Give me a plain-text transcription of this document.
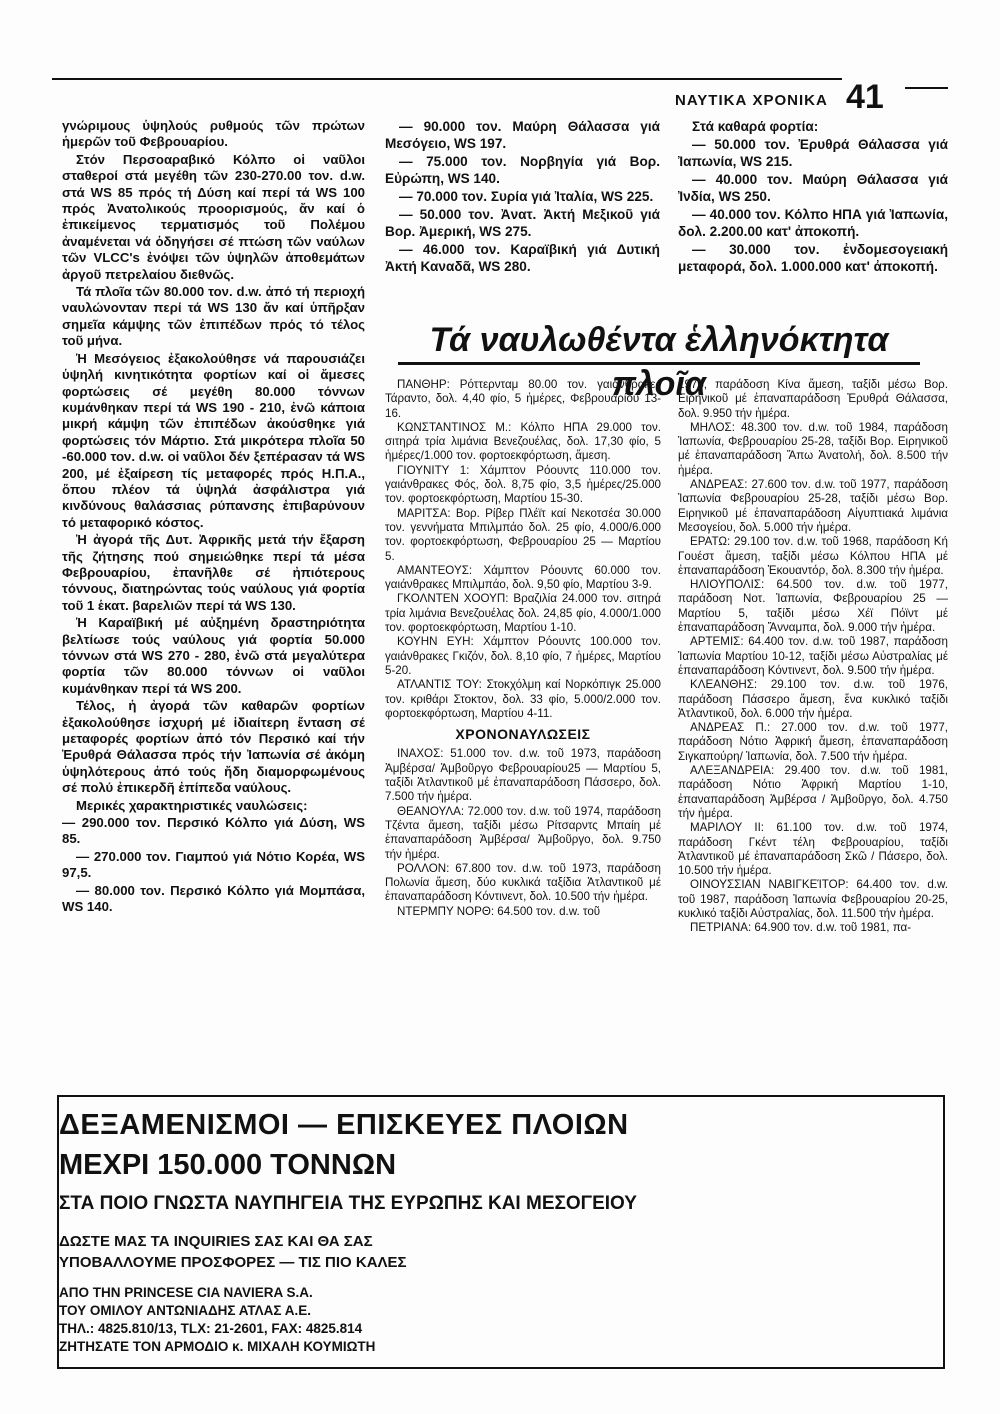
ΝΑΥΤΙΚΑ ΧΡΟΝΙΚΑ 41

γνώριμους ὑψηλούς ρυθμούς τῶν πρώτων ἡμερῶν τοῦ Φεβρουαρίου.

Στόν Περσοαραβικό Κόλπο οἱ ναῦλοι σταθεροί στά μεγέθη τῶν 230-270.00 τον. d.w. στά WS 85 πρός τή Δύση καί περί τά WS 100 πρός Ἀνατολικούς προορισμούς, ἄν καί ὁ ἐπικείμενος τερματισμός τοῦ Πολέμου ἀναμένεται νά ὁδηγήσει σέ πτώση τῶν ναύλων τῶν VLCC's ἐνόψει τῶν ὑψηλῶν ἀποθεμάτων ἀργοῦ πετρελαίου διεθνῶς.

Τά πλοῖα τῶν 80.000 τον. d.w. ἀπό τή περιοχή ναυλώνονταν περί τά WS 130 ἄν καί ὑπῆρξαν σημεῖα κάμψης τῶν ἐπιπέδων πρός τό τέλος τοῦ μήνα.

Ἡ Μεσόγειος ἐξακολούθησε νά παρουσιάζει ὑψηλή κινητικότητα φορτίων καί οἱ ἄμεσες φορτώσεις σέ μεγέθη 80.000 τόννων κυμάνθηκαν περί τά WS 190 - 210, ἐνῶ κάποια μικρή κάμψη τῶν ἐπιπέδων ἀκούσθηκε γιά φορτώσεις τόν Μάρτιο. Στά μικρότερα πλοῖα 50 -60.000 τον. d.w. οἱ ναῦλοι δέν ξεπέρασαν τά WS 200, μέ ἐξαίρεση τίς μεταφορές πρός Η.Π.Α., ὅπου πλέον τά ὑψηλά ἀσφάλιστρα γιά κινδύνους θαλάσσιας ρύπανσης ἐπιβαρύνουν τό μεταφορικό κόστος.

Ἡ ἀγορά τῆς Δυτ. Ἀφρικῆς μετά τήν ἔξαρση τῆς ζήτησης πού σημειώθηκε περί τά μέσα Φεβρουαρίου, ἐπανῆλθε σέ ἠπιότερους τόννους, διατηρώντας τούς ναύλους γιά φορτία τοῦ 1 ἑκατ. βαρελιῶν περί τά WS 130.

Ἡ Καραϊβική μέ αὐξημένη δραστηριότητα βελτίωσε τούς ναύλους γιά φορτία 50.000 τόννων στά WS 270 - 280, ἐνῶ στά μεγαλύτερα φορτία τῶν 80.000 τόννων οἱ ναῦλοι κυμάνθηκαν περί τά WS 200.

Τέλος, ἡ ἀγορά τῶν καθαρῶν φορτίων ἐξακολούθησε ἰσχυρή μέ ἰδιαίτερη ἔνταση σέ μεταφορές φορτίων ἀπό τόν Περσικό καί τήν Ἐρυθρά Θάλασσα πρός τήν Ἰαπωνία σέ ἀκόμη ὑψηλότερους ἀπό τούς ἤδη διαμορφωμένους σέ πολύ ἐπικερδῆ ἐπίπεδα ναύλους.

Μερικές χαρακτηριστικές ναυλώσεις:

— 290.000 τον. Περσικό Κόλπο γιά Δύση, WS 85.

— 270.000 τον. Γιαμπού γιά Νότιο Κορέα, WS 97,5.

— 80.000 τον. Περσικό Κόλπο γιά Μομπάσα, WS 140.

— 90.000 τον. Μαύρη Θάλασσα γιά Μεσόγειο, WS 197.

— 75.000 τον. Νορβηγία γιά Βορ. Εὐρώπη, WS 140.

— 70.000 τον. Συρία γιά Ἰταλία, WS 225.

— 50.000 τον. Ἀνατ. Ἀκτή Μεξικοῦ γιά Βορ. Ἀμερική, WS 275.

— 46.000 τον. Καραϊβική γιά Δυτική Ἀκτή Καναδᾶ, WS 280.

Στά καθαρά φορτία:

— 50.000 τον. Ἐρυθρά Θάλασσα γιά Ἰαπωνία, WS 215.

— 40.000 τον. Μαύρη Θάλασσα γιά Ἰνδία, WS 250.

— 40.000 τον. Κόλπο ΗΠΑ γιά Ἰαπωνία, δολ. 2.200.00 κατ' ἀποκοπή.

— 30.000 τον. ἐνδομεσογειακή μεταφορά, δολ. 1.000.000 κατ' ἀποκοπή.

Τά ναυλωθέντα ἑλληνόκτητα πλοῖα

ΠΑΝΘΗΡ: Ρόττερνταμ 80.00 τον. γαιάνθρακες Τάραντο, δολ. 4,40 φίο, 5 ἡμέρες, Φεβρουαρίου 13-16.

ΚΩΝΣΤΑΝΤΙΝΟΣ Μ.: Κόλπο ΗΠΑ 29.000 τον. σιτηρά τρία λιμάνια Βενεζουέλας, δολ. 17,30 φίο, 5 ἡμέρες/1.000 τον. φορτοεκφόρτωση, ἄμεση.

ΓΙΟΥΝΙΤΥ 1: Χάμπτον Ρόουντς 110.000 τον. γαιάνθρακες Φός, δολ. 8,75 φίο, 3,5 ἡμέρες/25.000 τον. φορτοεκφόρτωση, Μαρτίου 15-30.

ΜΑΡΙΤΣΑ: Βορ. Ρίβερ Πλέϊτ καί Νεκοτσέα 30.000 τον. γεννήματα Μπιλμπάο δολ. 25 φίο, 4.000/6.000 τον. φορτοεκφόρτωση, Φεβρουαρίου 25 — Μαρτίου 5.

ΑΜΑΝΤΕΟΥΣ: Χάμπτον Ρόουντς 60.000 τον. γαιάνθρακες Μπιλμπάο, δολ. 9,50 φίο, Μαρτίου 3-9.

ΓΚΟΛΝΤΕΝ ΧΟΟΥΠ: Βραζιλία 24.000 τον. σιτηρά τρία λιμάνια Βενεζουέλας δολ. 24,85 φίο, 4.000/1.000 τον. φορτοεκφόρτωση, Μαρτίου 1-10.

ΚΟΥΗΝ ΕΥΗ: Χάμπτον Ρόουντς 100.000 τον. γαιάνθρακες Γκιζόν, δολ. 8,10 φίο, 7 ἡμέρες, Μαρτίου 5-20.

ΑΤΛΑΝΤΙΣ ΤΟΥ: Στοκχόλμη καί Νορκόπιγκ 25.000 τον. κριθάρι Στοκτον, δολ. 33 φίο, 5.000/2.000 τον. φορτοεκφόρτωση, Μαρτίου 4-11.

ΧΡΟΝΟΝΑΥΛΩΣΕΙΣ

ΙΝΑΧΟΣ: 51.000 τον. d.w. τοῦ 1973, παράδοση Ἀμβέρσα/ Ἀμβοῦργο Φεβρουαρίου25 — Μαρτίου 5, ταξίδι Ἀτλαντικοῦ μέ ἐπαναπαράδοση Πάσσερο, δολ. 7.500 τήν ἡμέρα.

ΘΕΑΝΟΥΛΑ: 72.000 τον. d.w. τοῦ 1974, παράδοση Τζέντα ἄμεση, ταξίδι μέσω Ρίτσαρντς Μπαίη μέ ἐπαναπαράδοση Ἀμβέρσα/ Ἀμβοῦργο, δολ. 9.750 τήν ἡμέρα.

ΡΟΛΛΟΝ: 67.800 τον. d.w. τοῦ 1973, παράδοση Πολωνία ἄμεση, δύο κυκλικά ταξίδια Ἀτλαντικοῦ μέ ἐπαναπαράδοση Κόντινεντ, δολ. 10.500 τήν ἡμέρα.

ΝΤΕΡΜΠΥ ΝΟΡΘ: 64.500 τον. d.w. τοῦ

1975, παράδοση Κίνα ἄμεση, ταξίδι μέσω Βορ. Ειρηνικοῦ μέ ἐπαναπαράδοση Ἐρυθρά Θάλασσα, δολ. 9.950 τήν ἡμέρα.

ΜΗΛΟΣ: 48.300 τον. d.w. τοῦ 1984, παράδοση Ἰαπωνία, Φεβρουαρίου 25-28, ταξίδι Βορ. Ειρηνικοῦ μέ ἐπαναπαράδοση Ἄπω Ἀνατολή, δολ. 8.500 τήν ἡμέρα.

ΑΝΔΡΕΑΣ: 27.600 τον. d.w. τοῦ 1977, παράδοση Ἰαπωνία Φεβρουαρίου 25-28, ταξίδι μέσω Βορ. Ειρηνικοῦ μέ ἐπαναπαράδοση Αἰγυπτιακά λιμάνια Μεσογείου, δολ. 5.000 τήν ἡμέρα.

ΕΡΑΤΩ: 29.100 τον. d.w. τοῦ 1968, παράδοση Κή Γουέστ ἄμεση, ταξίδι μέσω Κόλπου ΗΠΑ μέ ἐπαναπαράδοση Ἐκουαντόρ, δολ. 8.300 τήν ἡμέρα.

ΗΛΙΟΥΠΟΛΙΣ: 64.500 τον. d.w. τοῦ 1977, παράδοση Νοτ. Ἰαπωνία, Φεβρουαρίου 25 — Μαρτίου 5, ταξίδι μέσω Χέϊ Πόϊντ μέ ἐπαναπαράδοση Ἄνναμπα, δολ. 9.000 τήν ἡμέρα.

ΑΡΤΕΜΙΣ: 64.400 τον. d.w. τοῦ 1987, παράδοση Ἰαπωνία Μαρτίου 10-12, ταξίδι μέσω Αὐστραλίας μέ ἐπαναπαράδοση Κόντινεντ, δολ. 9.500 τήν ἡμέρα.

ΚΛΕΑΝΘΗΣ: 29.100 τον. d.w. τοῦ 1976, παράδοση Πάσσερο ἄμεση, ἕνα κυκλικό ταξίδι Ἀτλαντικοῦ, δολ. 6.000 τήν ἡμέρα.

ΑΝΔΡΕΑΣ Π.: 27.000 τον. d.w. τοῦ 1977, παράδοση Νότιο Ἀφρική ἄμεση, ἐπαναπαράδοση Σιγκαπούρη/ Ἰαπωνία, δολ. 7.500 τήν ἡμέρα.

ΑΛΕΞΑΝΔΡΕΙΑ: 29.400 τον. d.w. τοῦ 1981, παράδοση Νότιο Ἀφρική Μαρτίου 1-10, ἐπαναπαράδοση Ἀμβέρσα / Ἀμβοῦργο, δολ. 4.750 τήν ἡμέρα.

ΜΑΡΙΛΟΥ ΙΙ: 61.100 τον. d.w. τοῦ 1974, παράδοση Γκέντ τέλη Φεβρουαρίου, ταξίδι Ἀτλαντικοῦ μέ ἐπαναπαράδοση Σκῶ / Πάσερο, δολ. 10.500 τήν ἡμέρα.

ΟΙΝΟΥΣΣΙΑΝ ΝΑΒΙΓΚΕΊΤΟΡ: 64.400 τον. d.w. τοῦ 1987, παράδοση Ἰαπωνία Φεβρουαρίου 20-25, κυκλικό ταξίδι Αὐστραλίας, δολ. 11.500 τήν ἡμέρα.

ΠΕΤΡΙΑΝΑ: 64.900 τον. d.w. τοῦ 1981, πα-

ΔΕΞΑΜΕΝΙΣΜΟΙ — ΕΠΙΣΚΕΥΕΣ ΠΛΟΙΩΝ
ΜΕΧΡΙ 150.000 ΤΟΝΝΩΝ
ΣΤΑ ΠΟΙΟ ΓΝΩΣΤΑ ΝΑΥΠΗΓΕΙΑ ΤΗΣ ΕΥΡΩΠΗΣ ΚΑΙ ΜΕΣΟΓΕΙΟΥ
ΔΩΣΤΕ ΜΑΣ ΤΑ INQUIRIES ΣΑΣ ΚΑΙ ΘΑ ΣΑΣ
ΥΠΟΒΑΛΛΟΥΜΕ ΠΡΟΣΦΟΡΕΣ — ΤΙΣ ΠΙΟ ΚΑΛΕΣ
ΑΠΟ ΤΗΝ PRINCESE CIA NAVIERA S.A.
ΤΟΥ ΟΜΙΛΟΥ ΑΝΤΩΝΙΑΔΗΣ ΑΤΛΑΣ Α.Ε.
ΤΗΛ.: 4825.810/13, TLX: 21-2601, FAX: 4825.814
ΖΗΤΗΣΑΤΕ ΤΟΝ ΑΡΜΟΔΙΟ κ. ΜΙΧΑΛΗ ΚΟΥΜΙΩΤΗ
